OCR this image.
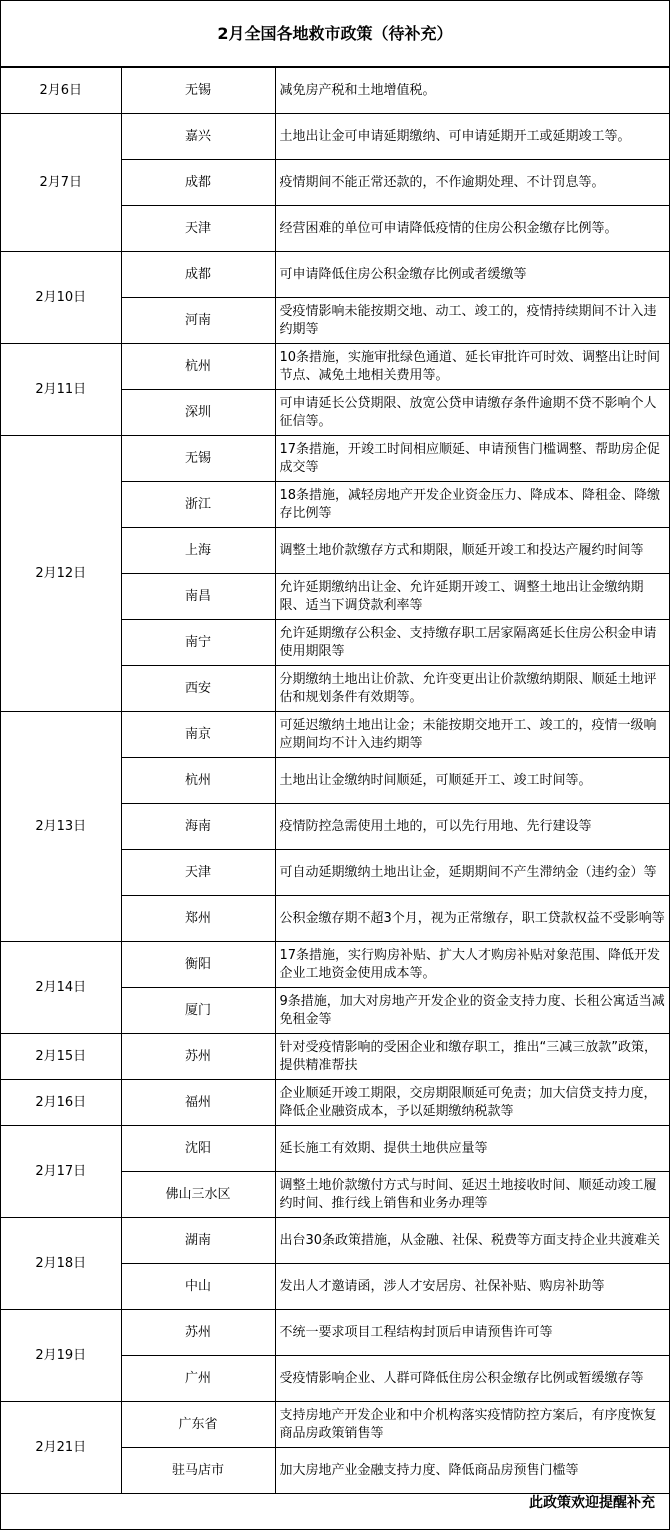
2月全国各地救市政策（待补充）
2月6日	无锡	减免房产税和土地增值税。
2月7日	嘉兴	土地出让金可申请延期缴纳、可申请延期开工或延期竣工等。
	成都	疫情期间不能正常还款的，不作逾期处理、不计罚息等。
	天津	经营困难的单位可申请降低疫情的住房公积金缴存比例等。
2月10日	成都	可申请降低住房公积金缴存比例或者缓缴等
	河南	受疫情影响未能按期交地、动工、竣工的，疫情持续期间不计入违约期等
2月11日	杭州	10条措施，实施审批绿色通道、延长审批许可时效、调整出让时间节点、减免土地相关费用等。
	深圳	可申请延长公贷期限、放宽公贷申请缴存条件逾期不贷不影响个人征信等。
2月12日	无锡	17条措施，开竣工时间相应顺延、申请预售门槛调整、帮助房企促成交等
	浙江	18条措施，减轻房地产开发企业资金压力、降成本、降租金、降缴存比例等
	上海	调整土地价款缴存方式和期限，顺延开竣工和投达产履约时间等
	南昌	允许延期缴纳出让金、允许延期开竣工、调整土地出让金缴纳期限、适当下调贷款利率等
	南宁	允许延期缴存公积金、支持缴存职工居家隔离延长住房公积金申请使用期限等
	西安	分期缴纳土地出让价款、允许变更出让价款缴纳期限、顺延土地评估和规划条件有效期等。
2月13日	南京	可延迟缴纳土地出让金；未能按期交地开工、竣工的，疫情一级响应期间均不计入违约期等
	杭州	土地出让金缴纳时间顺延，可顺延开工、竣工时间等。
	海南	疫情防控急需使用土地的，可以先行用地、先行建设等
	天津	可自动延期缴纳土地出让金，延期期间不产生滞纳金（违约金）等
	郑州	公积金缴存期不超3个月，视为正常缴存，职工贷款权益不受影响等
2月14日	衡阳	17条措施，实行购房补贴、扩大人才购房补贴对象范围、降低开发企业工地资金使用成本等。
	厦门	9条措施，加大对房地产开发企业的资金支持力度、长租公寓适当减免租金等
2月15日	苏州	针对受疫情影响的受困企业和缴存职工，推出“三减三放款”政策，提供精准帮扶
2月16日	福州	企业顺延开竣工期限，交房期限顺延可免责；加大信贷支持力度，降低企业融资成本，予以延期缴纳税款等
2月17日	沈阳	延长施工有效期、提供土地供应量等
	佛山三水区	调整土地价款缴付方式与时间、延迟土地接收时间、顺延动竣工履约时间、推行线上销售和业务办理等
2月18日	湖南	出台30条政策措施，从金融、社保、税费等方面支持企业共渡难关
	中山	发出人才邀请函，涉人才安居房、社保补贴、购房补助等
2月19日	苏州	不统一要求项目工程结构封顶后申请预售许可等
	广州	受疫情影响企业、人群可降低住房公积金缴存比例或暂缓缴存等
2月21日	广东省	支持房地产开发企业和中介机构落实疫情防控方案后，有序度恢复商品房政策销售等
	驻马店市	加大房地产业金融支持力度、降低商品房预售门槛等
此政策欢迎提醒补充
